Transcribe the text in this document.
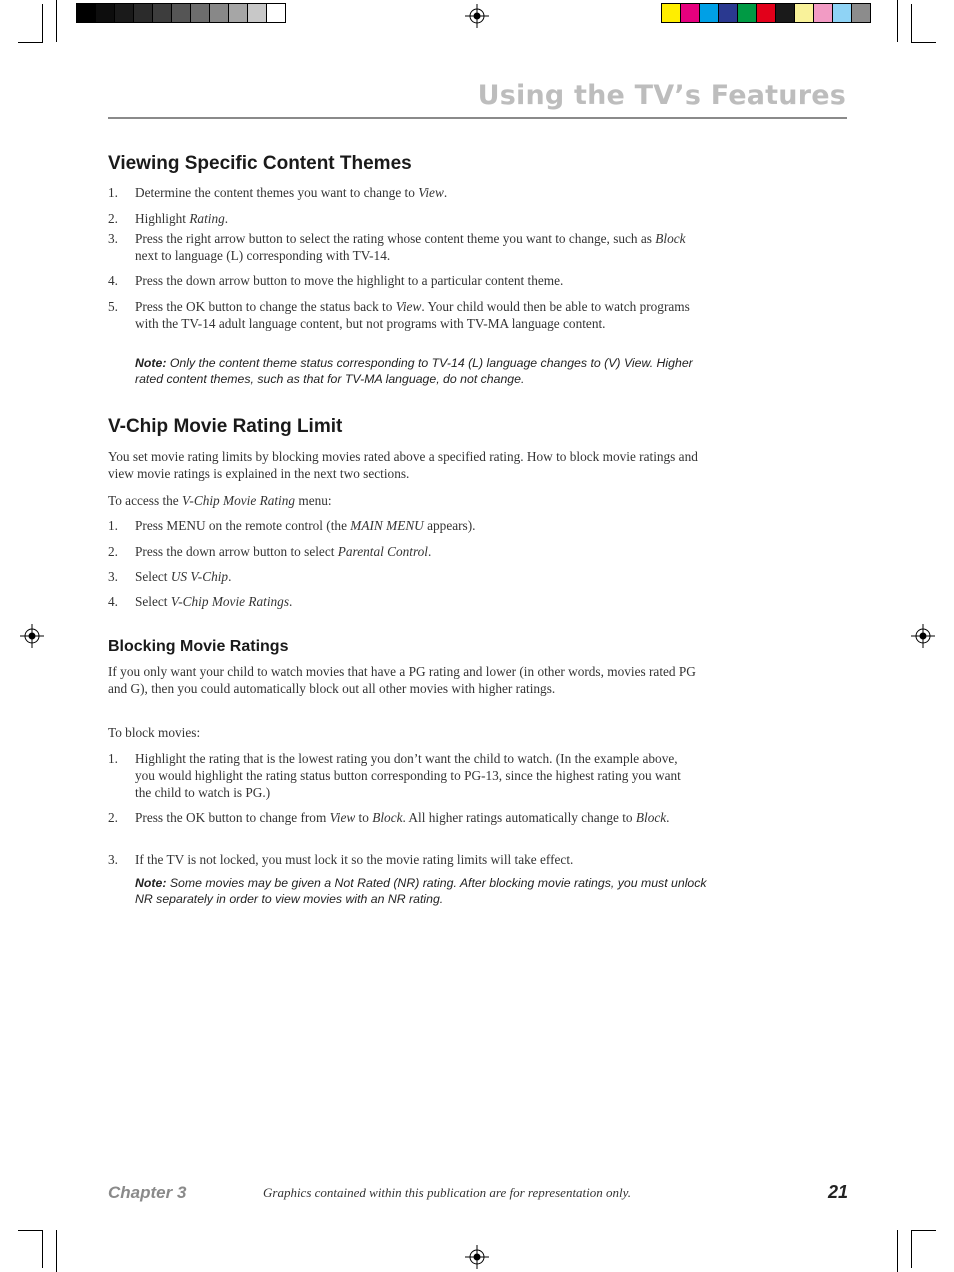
Using the TV’s Features
Viewing Specific Content Themes
1. Determine the content themes you want to change to View.
2. Highlight Rating.
3. Press the right arrow button to select the rating whose content theme you want to change, such as Block next to language (L) corresponding with TV-14.
4. Press the down arrow button to move the highlight to a particular content theme.
5. Press the OK button to change the status back to View. Your child would then be able to watch programs with the TV-14 adult language content, but not programs with TV-MA language content.
Note: Only the content theme status corresponding to TV-14 (L) language changes to (V) View. Higher rated content themes, such as that for TV-MA language, do not change.
V-Chip Movie Rating Limit
You set movie rating limits by blocking movies rated above a specified rating. How to block movie ratings and view movie ratings is explained in the next two sections.
To access the V-Chip Movie Rating menu:
1. Press MENU on the remote control (the MAIN MENU appears).
2. Press the down arrow button to select Parental Control.
3. Select US V-Chip.
4. Select V-Chip Movie Ratings.
Blocking Movie Ratings
If you only want your child to watch movies that have a PG rating and lower (in other words, movies rated PG and G), then you could automatically block out all other movies with higher ratings.
To block movies:
1. Highlight the rating that is the lowest rating you don’t want the child to watch. (In the example above, you would highlight the rating status button corresponding to PG-13, since the highest rating you want the child to watch is PG.)
2. Press the OK button to change from View to Block. All higher ratings automatically change to Block.
3. If the TV is not locked, you must lock it so the movie rating limits will take effect.
Note: Some movies may be given a Not Rated (NR) rating. After blocking movie ratings, you must unlock NR separately in order to view movies with an NR rating.
Chapter 3	Graphics contained within this publication are for representation only.	21
